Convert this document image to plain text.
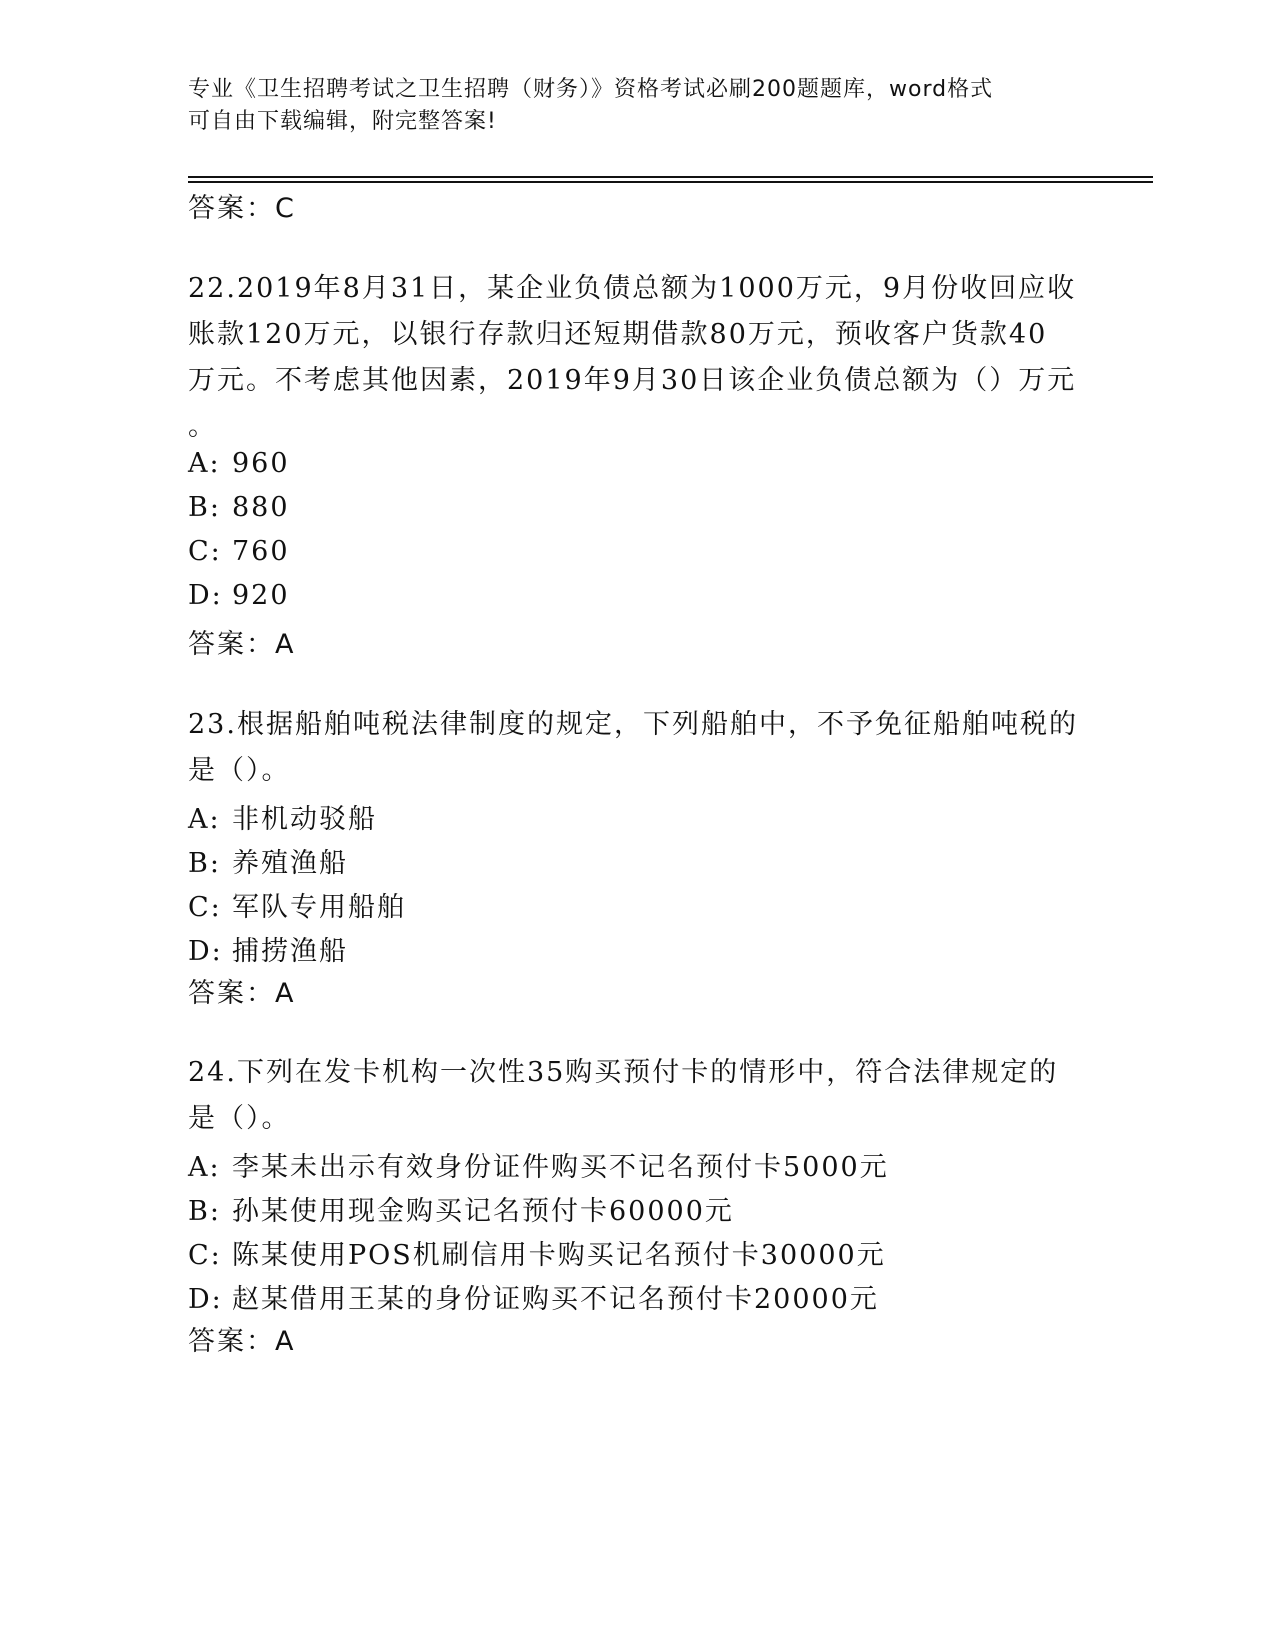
专业《卫生招聘考试之卫生招聘（财务）》资格考试必刷200题题库，word格式
可自由下载编辑，附完整答案!
答案：C
22.2019年8月31日，某企业负债总额为1000万元，9月份收回应收
账款120万元，以银行存款归还短期借款80万元，预收客户货款40
万元。不考虑其他因素，2019年9月30日该企业负债总额为（）万元
。
A: 960
B: 880
C: 760
D: 920
答案：A
23.根据船舶吨税法律制度的规定，下列船舶中，不予免征船舶吨税的
是（）。
A: 非机动驳船
B: 养殖渔船
C: 军队专用船舶
D: 捕捞渔船
答案：A
24.下列在发卡机构一次性35购买预付卡的情形中，符合法律规定的
是（）。
A: 李某未出示有效身份证件购买不记名预付卡5000元
B: 孙某使用现金购买记名预付卡60000元
C: 陈某使用POS机刷信用卡购买记名预付卡30000元
D: 赵某借用王某的身份证购买不记名预付卡20000元
答案：A
